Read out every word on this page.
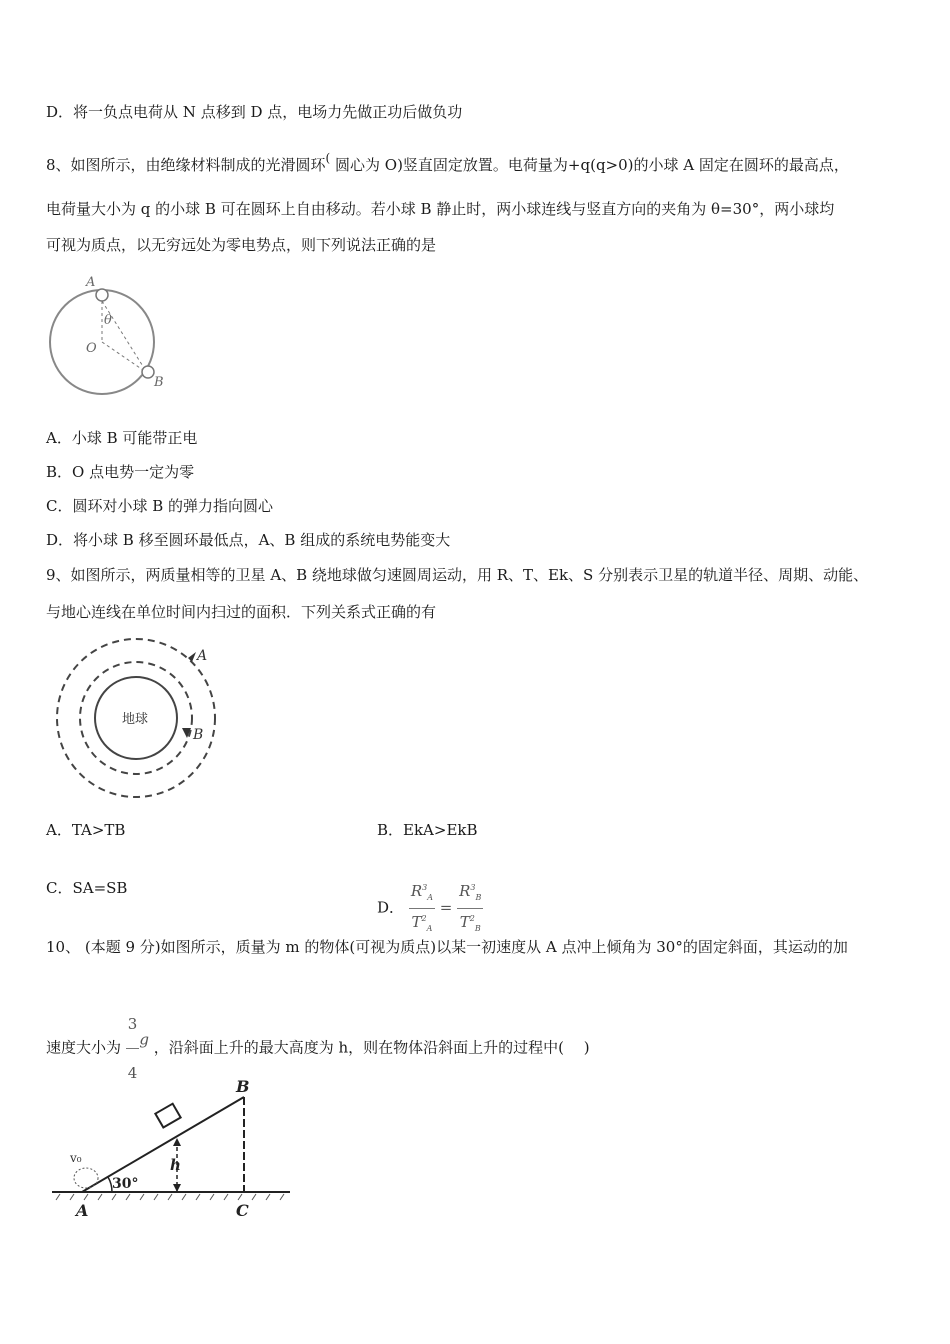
D．将一负点电荷从 N 点移到 D 点，电场力先做正功后做负功
8、如图所示，由绝缘材料制成的光滑圆环( 圆心为 O)竖直固定放置。电荷量为+q(q>0)的小球 A 固定在圆环的最高点，
电荷量大小为 q 的小球 B 可在圆环上自由移动。若小球 B 静止时，两小球连线与竖直方向的夹角为 θ=30°，两小球均
可视为质点，以无穷远处为零电势点，则下列说法正确的是
A
θ
O
B
A．小球 B 可能带正电
B．O 点电势一定为零
C．圆环对小球 B 的弹力指向圆心
D．将小球 B 移至圆环最低点，A、B 组成的系统电势能变大
9、如图所示，两质量相等的卫星 A、B 绕地球做匀速圆周运动，用 R、T、Ek、S 分别表示卫星的轨道半径、周期、动能、
与地心连线在单位时间内扫过的面积．下列关系式正确的有
地球
A
B
A．TA>TB	B．EkA>EkB
C．SA=SB
D． $\frac{R^3_A}{T^2_A} = \frac{R^3_B}{T^2_B}$
10、 (本题 9 分)如图所示，质量为 m 的物体(可视为质点)以某一初速度从 A 点冲上倾角为 30°的固定斜面，其运动的加
速度大小为 $\frac{3}{4}$ g ，沿斜面上升的最大高度为 h，则在物体沿斜面上升的过程中(　 )
h
30°
v₀
A
B
C
